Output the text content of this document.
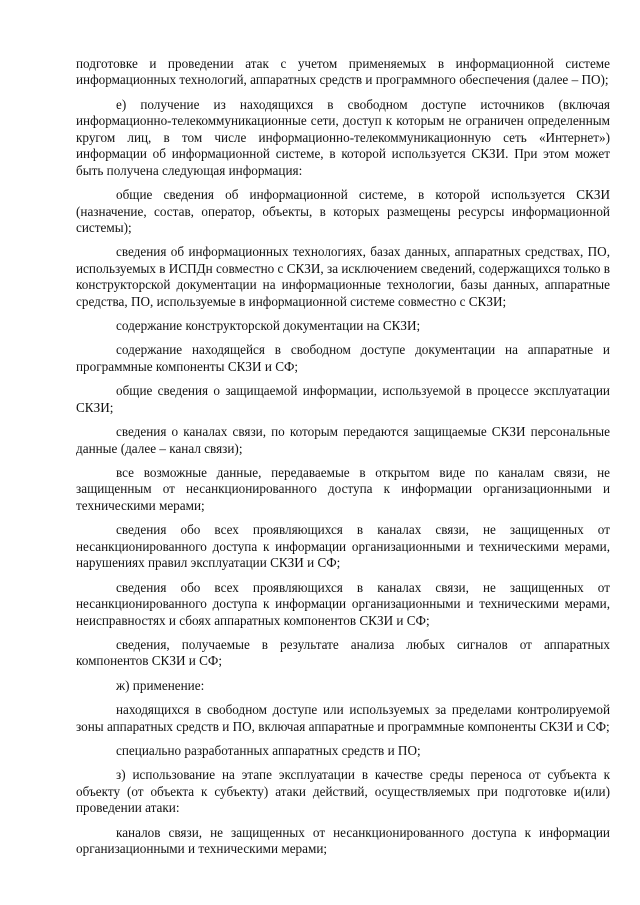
подготовке и проведении атак с учетом применяемых в информационной системе информационных технологий, аппаратных средств и программного обеспечения (далее – ПО);

е) получение из находящихся в свободном доступе источников (включая информационно-телекоммуникационные сети, доступ к которым не ограничен определенным кругом лиц, в том числе информационно-телекоммуникационную сеть «Интернет») информации об информационной системе, в которой используется СКЗИ. При этом может быть получена следующая информация:

общие сведения об информационной системе, в которой используется СКЗИ (назначение, состав, оператор, объекты, в которых размещены ресурсы информационной системы);

сведения об информационных технологиях, базах данных, аппаратных средствах, ПО, используемых в ИСПДн совместно с СКЗИ, за исключением сведений, содержащихся только в конструкторской документации на информационные технологии, базы данных, аппаратные средства, ПО, используемые в информационной системе совместно с СКЗИ;

содержание конструкторской документации на СКЗИ;

содержание находящейся в свободном доступе документации на аппаратные и программные компоненты СКЗИ и СФ;

общие сведения о защищаемой информации, используемой в процессе эксплуатации СКЗИ;

сведения о каналах связи, по которым передаются защищаемые СКЗИ персональные данные (далее – канал связи);

все возможные данные, передаваемые в открытом виде по каналам связи, не защищенным от несанкционированного доступа к информации организационными и техническими мерами;

сведения обо всех проявляющихся в каналах связи, не защищенных от несанкционированного доступа к информации организационными и техническими мерами, нарушениях правил эксплуатации СКЗИ и СФ;

сведения обо всех проявляющихся в каналах связи, не защищенных от несанкционированного доступа к информации организационными и техническими мерами, неисправностях и сбоях аппаратных компонентов СКЗИ и СФ;

сведения, получаемые в результате анализа любых сигналов от аппаратных компонентов СКЗИ и СФ;

ж) применение:

находящихся в свободном доступе или используемых за пределами контролируемой зоны аппаратных средств и ПО, включая аппаратные и программные компоненты СКЗИ и СФ;

специально разработанных аппаратных средств и ПО;

з) использование на этапе эксплуатации в качестве среды переноса от субъекта к объекту (от объекта к субъекту) атаки действий, осуществляемых при подготовке и(или) проведении атаки:

каналов связи, не защищенных от несанкционированного доступа к информации организационными и техническими мерами;
